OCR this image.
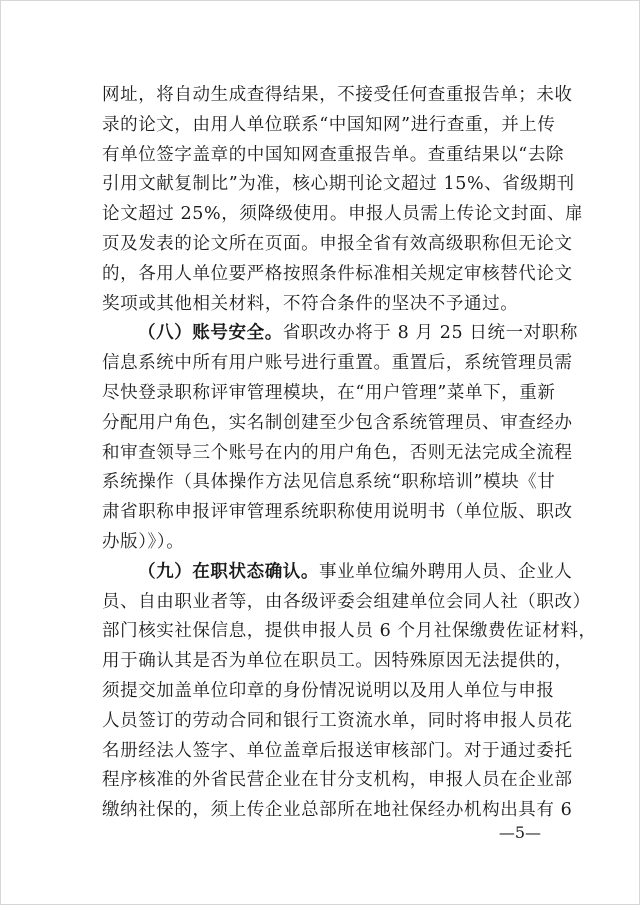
网址，将自动生成查得结果，不接受任何查重报告单；未收
录的论文，由用人单位联系“中国知网”进行查重，并上传
有单位签字盖章的中国知网查重报告单。查重结果以“去除
引用文献复制比”为准，核心期刊论文超过 15%、省级期刊
论文超过 25%，须降级使用。申报人员需上传论文封面、扉
页及发表的论文所在页面。申报全省有效高级职称但无论文
的，各用人单位要严格按照条件标准相关规定审核替代论文
奖项或其他相关材料，不符合条件的坚决不予通过。
（八）账号安全。省职改办将于 8 月 25 日统一对职称
信息系统中所有用户账号进行重置。重置后，系统管理员需
尽快登录职称评审管理模块，在“用户管理”菜单下，重新
分配用户角色，实名制创建至少包含系统管理员、审查经办
和审查领导三个账号在内的用户角色，否则无法完成全流程
系统操作（具体操作方法见信息系统“职称培训”模块《甘
肃省职称申报评审管理系统职称使用说明书（单位版、职改
办版）》）。
（九）在职状态确认。事业单位编外聘用人员、企业人
员、自由职业者等，由各级评委会组建单位会同人社（职改）
部门核实社保信息，提供申报人员 6 个月社保缴费佐证材料，
用于确认其是否为单位在职员工。因特殊原因无法提供的，
须提交加盖单位印章的身份情况说明以及用人单位与申报
人员签订的劳动合同和银行工资流水单，同时将申报人员花
名册经法人签字、单位盖章后报送审核部门。对于通过委托
程序核准的外省民营企业在甘分支机构，申报人员在企业部
缴纳社保的，须上传企业总部所在地社保经办机构出具有 6
—5—
